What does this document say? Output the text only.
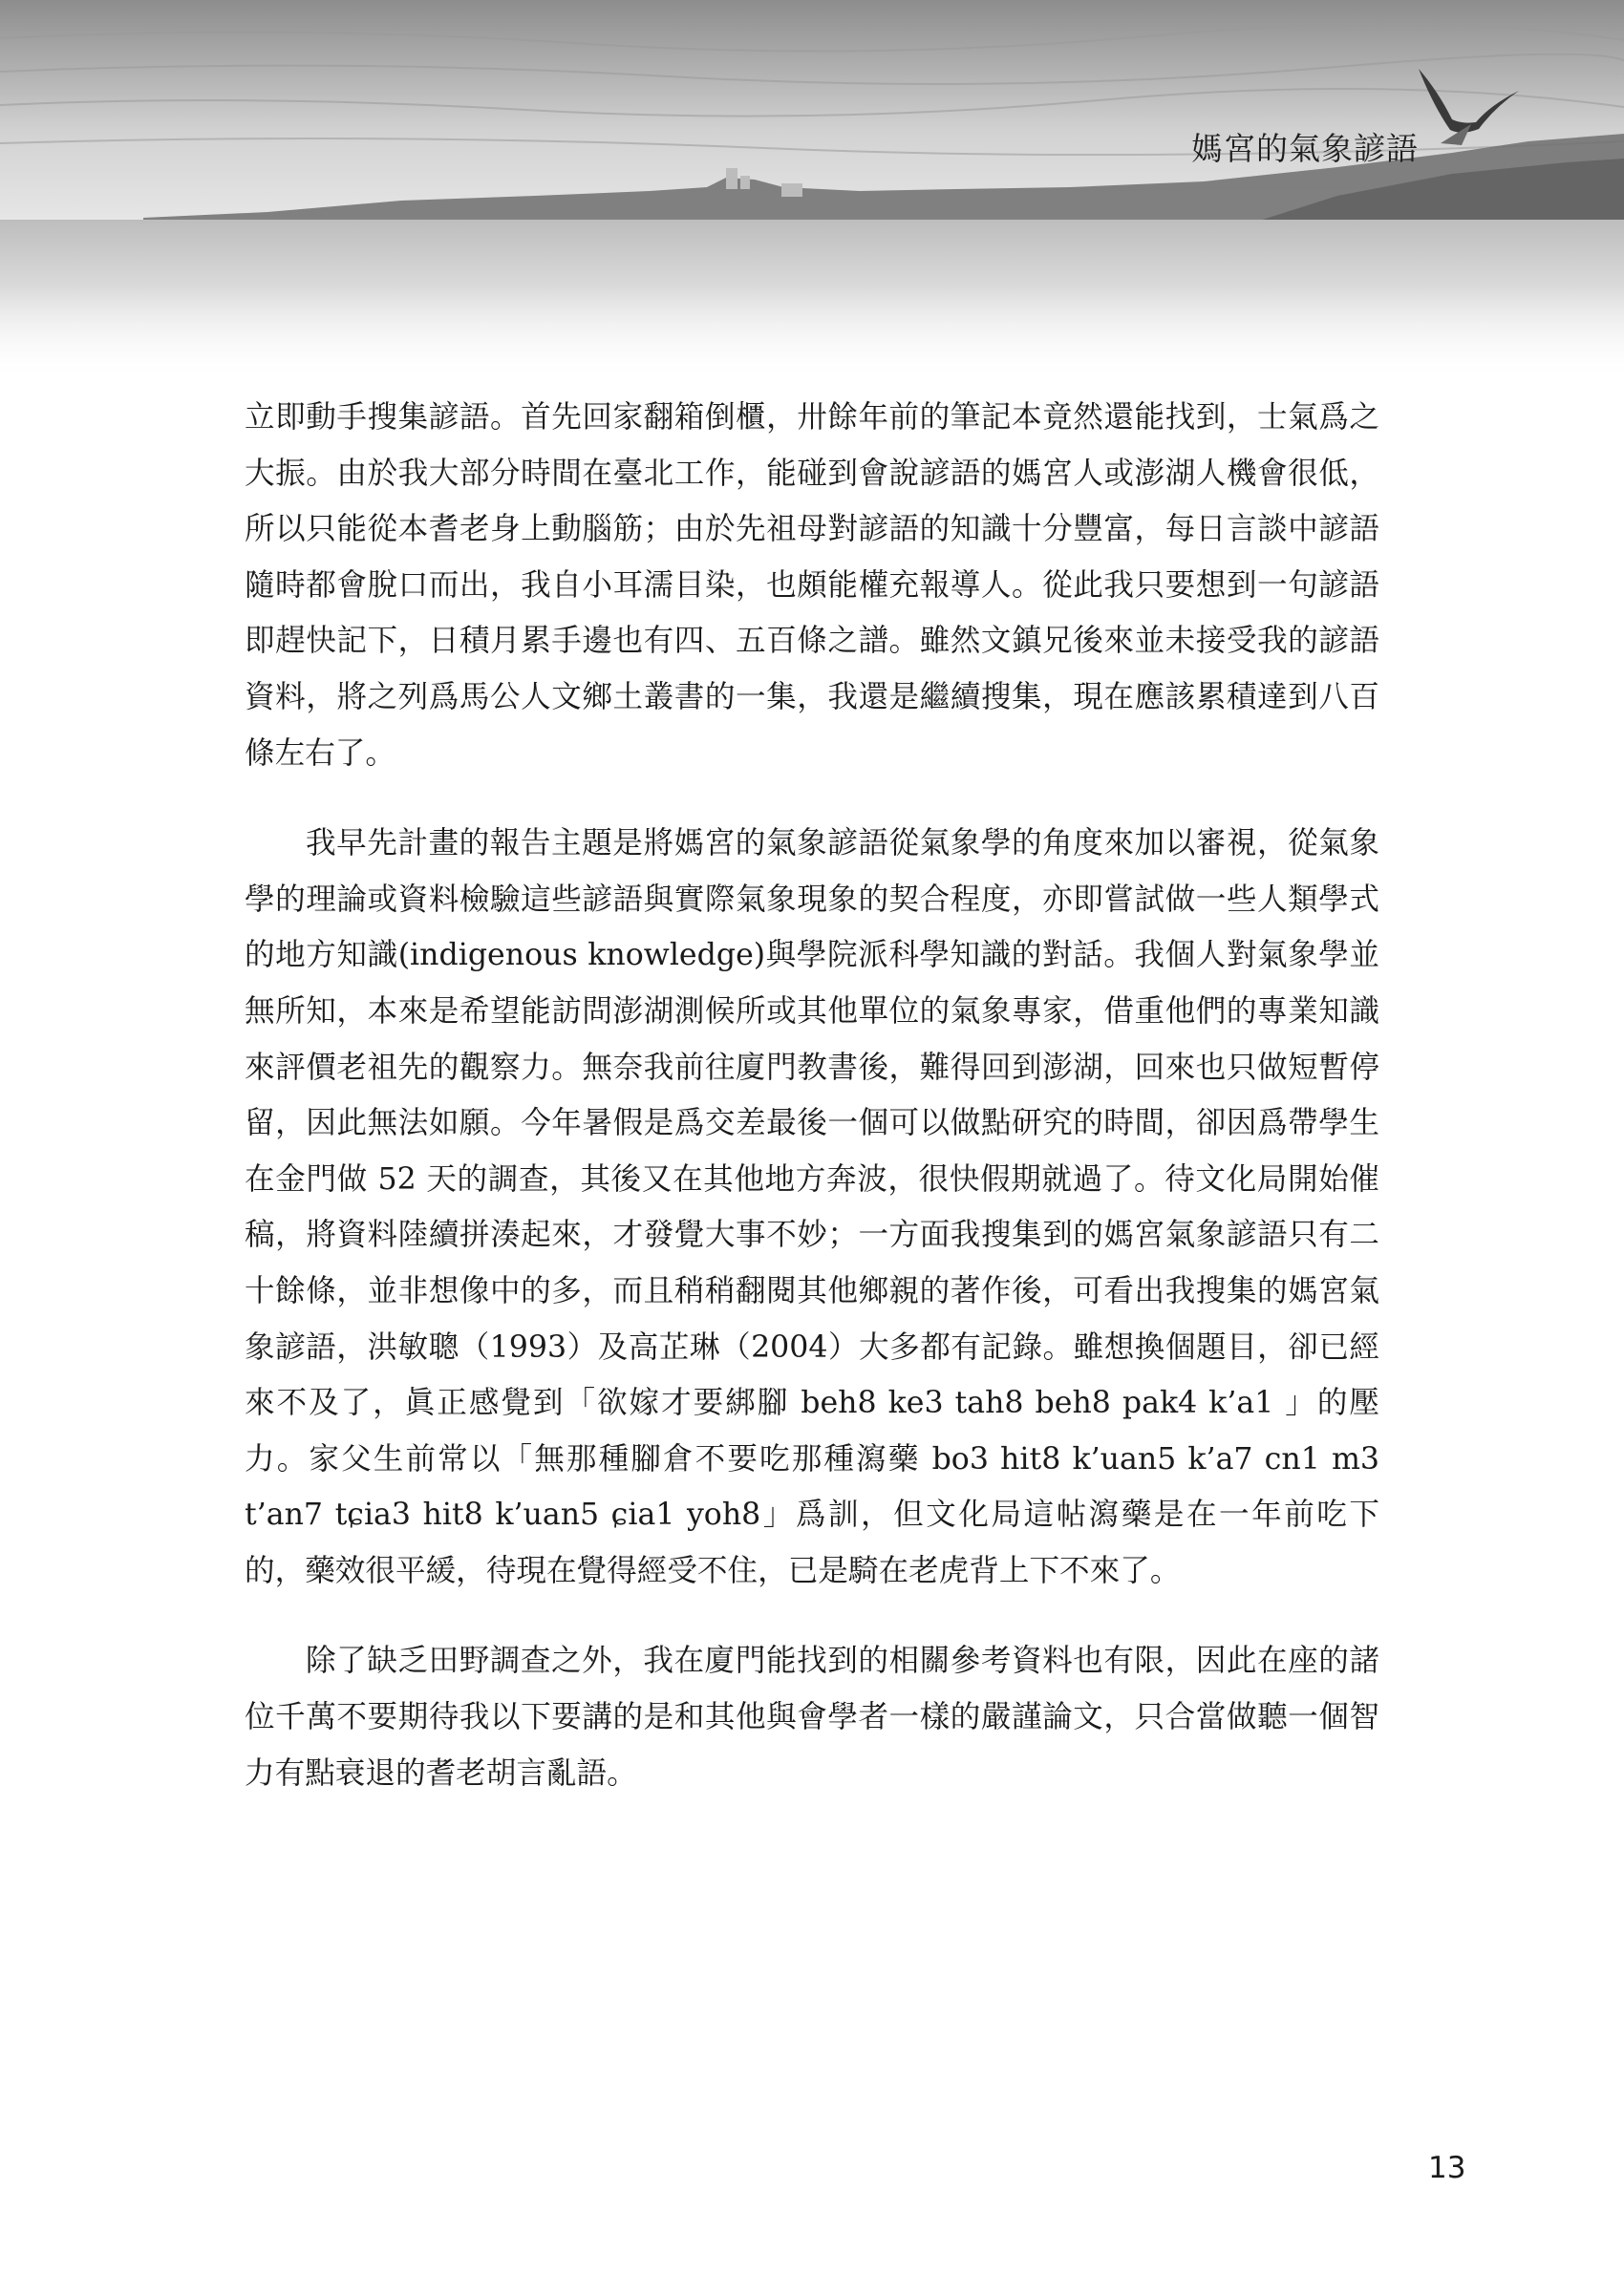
媽宮的氣象諺語

立即動手搜集諺語。首先回家翻箱倒櫃，卅餘年前的筆記本竟然還能找到，士氣爲之大振。由於我大部分時間在臺北工作，能碰到會說諺語的媽宮人或澎湖人機會很低，所以只能從本耆老身上動腦筋；由於先祖母對諺語的知識十分豐富，每日言談中諺語隨時都會脫口而出，我自小耳濡目染，也頗能權充報導人。從此我只要想到一句諺語即趕快記下，日積月累手邊也有四、五百條之譜。雖然文鎮兄後來並未接受我的諺語資料，將之列爲馬公人文鄉土叢書的一集，我還是繼續搜集，現在應該累積達到八百條左右了。

我早先計畫的報告主題是將媽宮的氣象諺語從氣象學的角度來加以審視，從氣象學的理論或資料檢驗這些諺語與實際氣象現象的契合程度，亦即嘗試做一些人類學式的地方知識(indigenous knowledge)與學院派科學知識的對話。我個人對氣象學並無所知，本來是希望能訪問澎湖測候所或其他單位的氣象專家，借重他們的專業知識來評價老祖先的觀察力。無奈我前往廈門教書後，難得回到澎湖，回來也只做短暫停留，因此無法如願。今年暑假是爲交差最後一個可以做點研究的時間，卻因爲帶學生在金門做 52 天的調查，其後又在其他地方奔波，很快假期就過了。待文化局開始催稿，將資料陸續拼湊起來，才發覺大事不妙；一方面我搜集到的媽宮氣象諺語只有二十餘條，並非想像中的多，而且稍稍翻閱其他鄉親的著作後，可看出我搜集的媽宮氣象諺語，洪敏聰（1993）及高芷琳（2004）大多都有記錄。雖想換個題目，卻已經來不及了，眞正感覺到「欲嫁才要綁腳 beh8 ke3 tah8 beh8 pak4 k’a1 」的壓力。家父生前常以「無那種腳倉不要吃那種瀉藥 bo3 hit8 k’uan5 k’a7 cn1 m3 t’an7 tɕia3 hit8 k’uan5 ɕia1 yoh8」爲訓，但文化局這帖瀉藥是在一年前吃下的，藥效很平緩，待現在覺得經受不住，已是騎在老虎背上下不來了。

除了缺乏田野調查之外，我在廈門能找到的相關參考資料也有限，因此在座的諸位千萬不要期待我以下要講的是和其他與會學者一樣的嚴謹論文，只合當做聽一個智力有點衰退的耆老胡言亂語。

13
